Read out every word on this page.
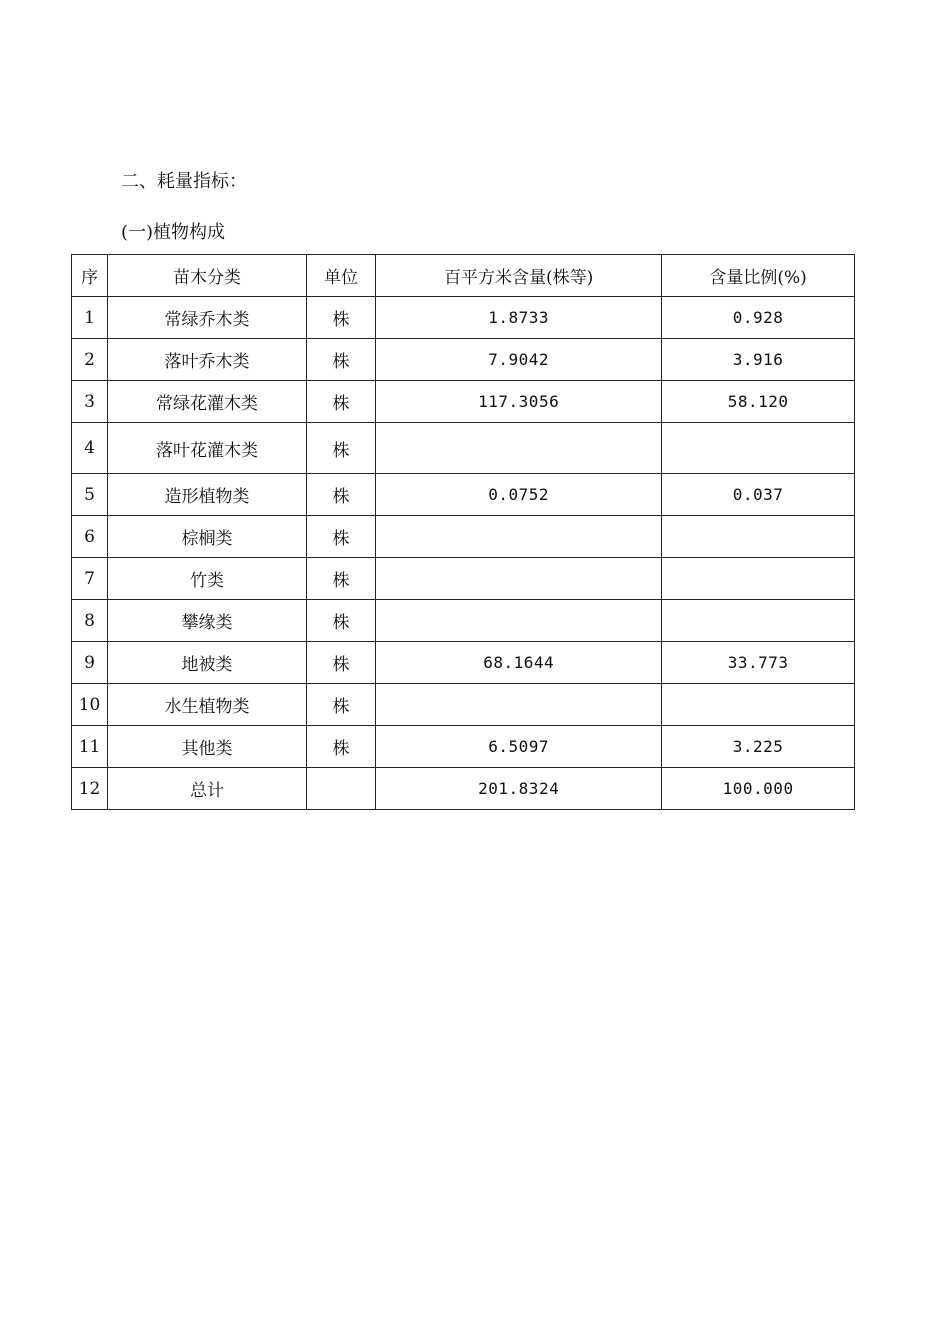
二、耗量指标：
(一)植物构成
序	苗木分类	单位	百平方米含量(株等)	含量比例(%)
1	常绿乔木类	株	1.8733	0.928
2	落叶乔木类	株	7.9042	3.916
3	常绿花灌木类	株	117.3056	58.120
4	落叶花灌木类	株		
5	造形植物类	株	0.0752	0.037
6	棕榈类	株		
7	竹类	株		
8	攀缘类	株		
9	地被类	株	68.1644	33.773
10	水生植物类	株		
11	其他类	株	6.5097	3.225
12	总计		201.8324	100.000
